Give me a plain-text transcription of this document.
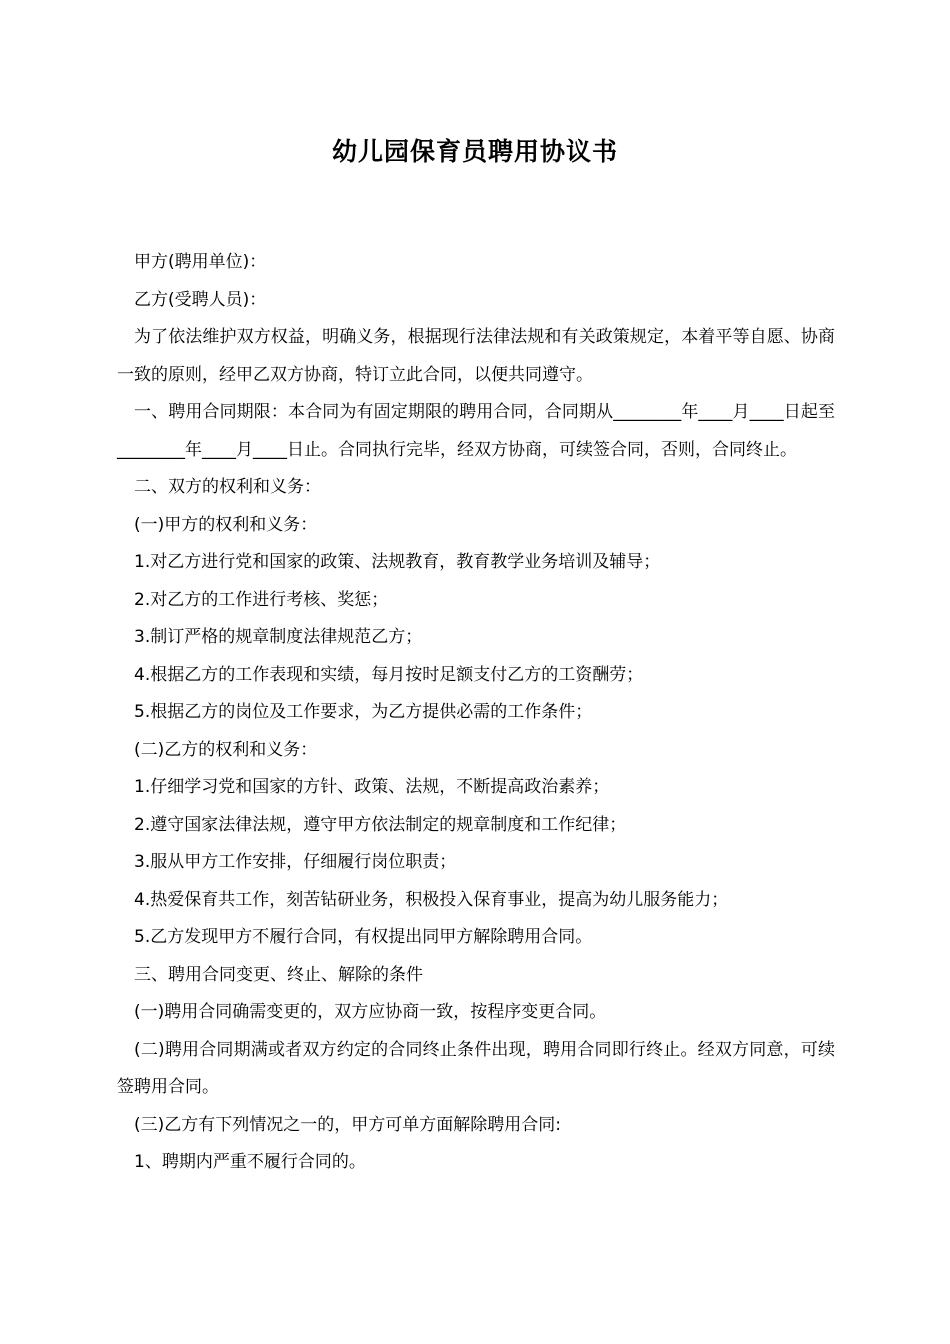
幼儿园保育员聘用协议书

甲方(聘用单位)：

乙方(受聘人员)：

为了依法维护双方权益，明确义务，根据现行法律法规和有关政策规定，本着平等自愿、协商一致的原则，经甲乙双方协商，特订立此合同，以便共同遵守。

一、聘用合同期限：本合同为有固定期限的聘用合同，合同期从________年____月____日起至________年____月____日止。合同执行完毕，经双方协商，可续签合同，否则，合同终止。

二、双方的权利和义务：

(一)甲方的权利和义务：

1.对乙方进行党和国家的政策、法规教育，教育教学业务培训及辅导；

2.对乙方的工作进行考核、奖惩；

3.制订严格的规章制度法律规范乙方；

4.根据乙方的工作表现和实绩，每月按时足额支付乙方的工资酬劳；

5.根据乙方的岗位及工作要求，为乙方提供必需的工作条件；

(二)乙方的权利和义务：

1.仔细学习党和国家的方针、政策、法规，不断提高政治素养；

2.遵守国家法律法规，遵守甲方依法制定的规章制度和工作纪律；

3.服从甲方工作安排，仔细履行岗位职责；

4.热爱保育共工作，刻苦钻研业务，积极投入保育事业，提高为幼儿服务能力；

5.乙方发现甲方不履行合同，有权提出同甲方解除聘用合同。

三、聘用合同变更、终止、解除的条件

(一)聘用合同确需变更的，双方应协商一致，按程序变更合同。

(二)聘用合同期满或者双方约定的合同终止条件出现，聘用合同即行终止。经双方同意，可续签聘用合同。

(三)乙方有下列情况之一的，甲方可单方面解除聘用合同:

1、聘期内严重不履行合同的。
